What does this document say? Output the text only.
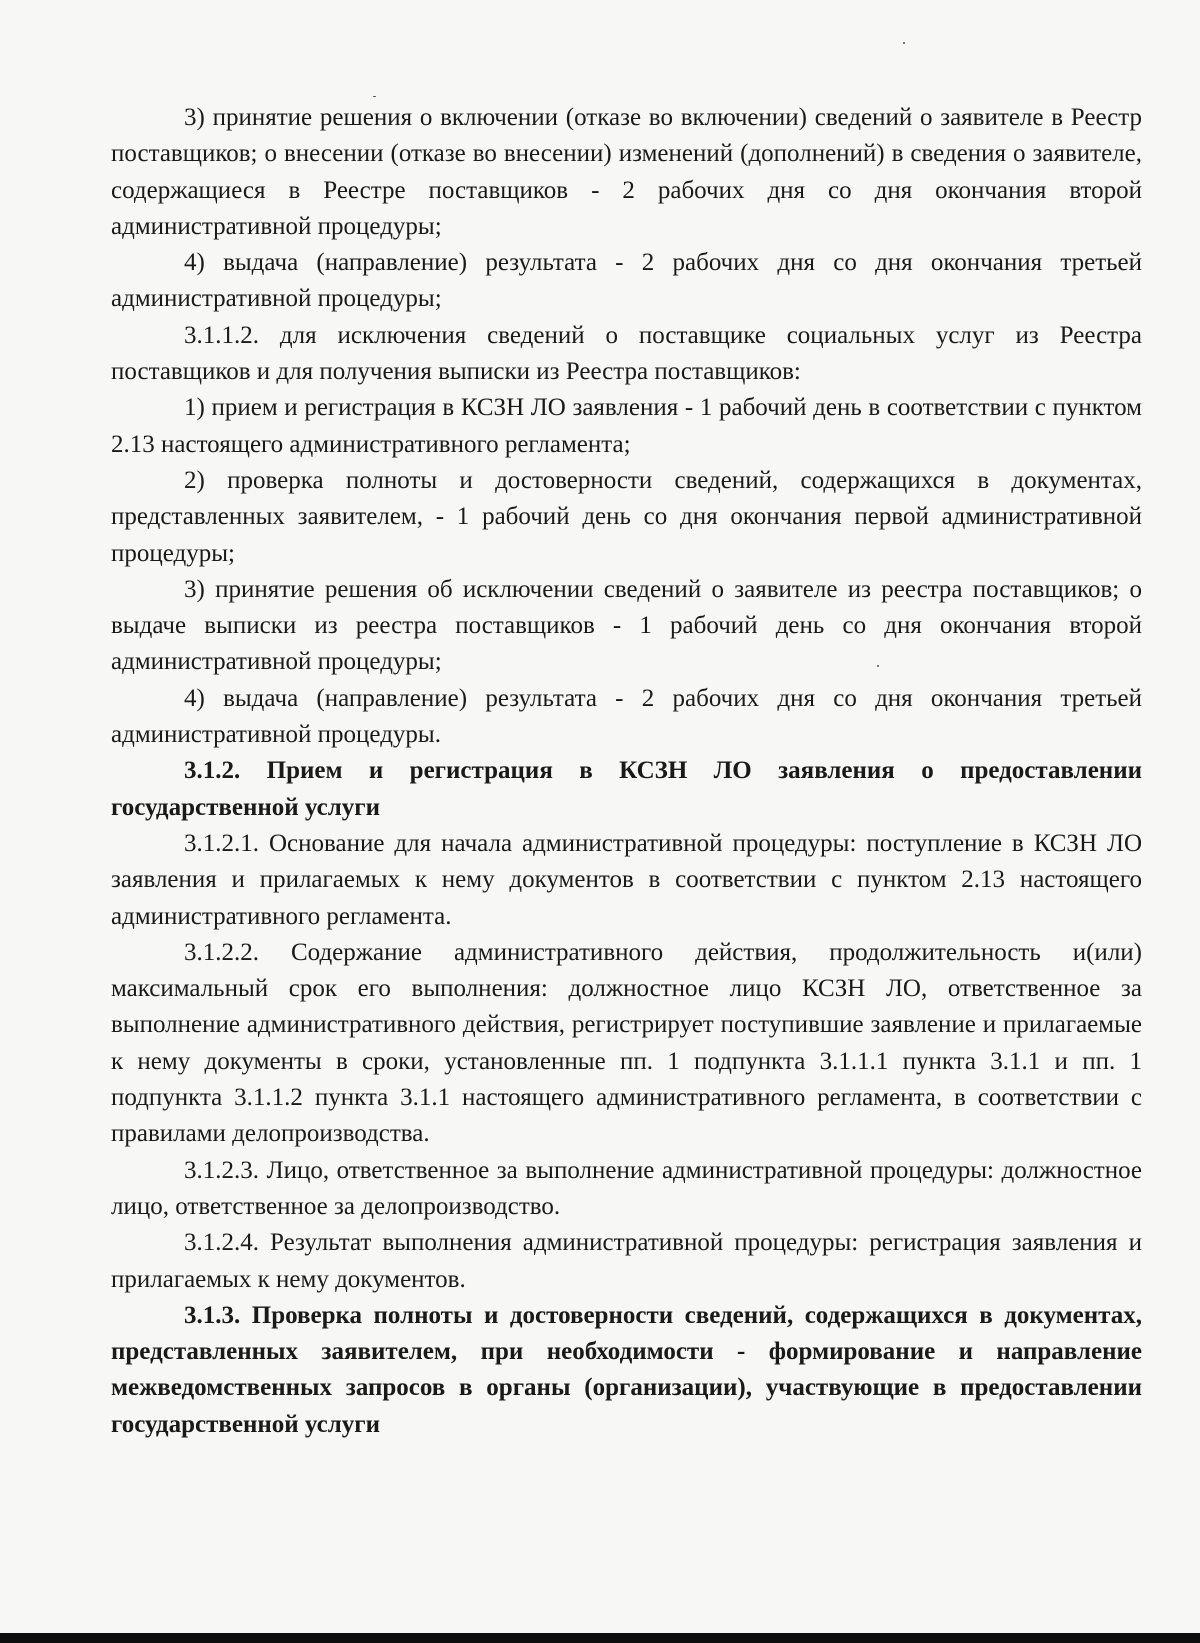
3) принятие решения о включении (отказе во включении) сведений о заявителе в Реестр поставщиков; о внесении (отказе во внесении) изменений (дополнений) в сведения о заявителе, содержащиеся в Реестре поставщиков - 2 рабочих дня со дня окончания второй административной процедуры;

4) выдача (направление) результата - 2 рабочих дня со дня окончания третьей административной процедуры;

3.1.1.2. для исключения сведений о поставщике социальных услуг из Реестра поставщиков и для получения выписки из Реестра поставщиков:

1) прием и регистрация в КСЗН ЛО заявления - 1 рабочий день в соответствии с пунктом 2.13 настоящего административного регламента;

2) проверка полноты и достоверности сведений, содержащихся в документах, представленных заявителем, - 1 рабочий день со дня окончания первой административной процедуры;

3) принятие решения об исключении сведений о заявителе из реестра поставщиков; о выдаче выписки из реестра поставщиков - 1 рабочий день со дня окончания второй административной процедуры;

4) выдача (направление) результата - 2 рабочих дня со дня окончания третьей административной процедуры.

3.1.2. Прием и регистрация в КСЗН ЛО заявления о предоставлении государственной услуги

3.1.2.1. Основание для начала административной процедуры: поступление в КСЗН ЛО заявления и прилагаемых к нему документов в соответствии с пунктом 2.13 настоящего административного регламента.

3.1.2.2. Содержание административного действия, продолжительность и(или) максимальный срок его выполнения: должностное лицо КСЗН ЛО, ответственное за выполнение административного действия, регистрирует поступившие заявление и прилагаемые к нему документы в сроки, установленные пп. 1 подпункта 3.1.1.1 пункта 3.1.1 и пп. 1 подпункта 3.1.1.2 пункта 3.1.1 настоящего административного регламента, в соответствии с правилами делопроизводства.

3.1.2.3. Лицо, ответственное за выполнение административной процедуры: должностное лицо, ответственное за делопроизводство.

3.1.2.4. Результат выполнения административной процедуры: регистрация заявления и прилагаемых к нему документов.

3.1.3. Проверка полноты и достоверности сведений, содержащихся в документах, представленных заявителем, при необходимости - формирование и направление межведомственных запросов в органы (организации), участвующие в предоставлении государственной услуги
